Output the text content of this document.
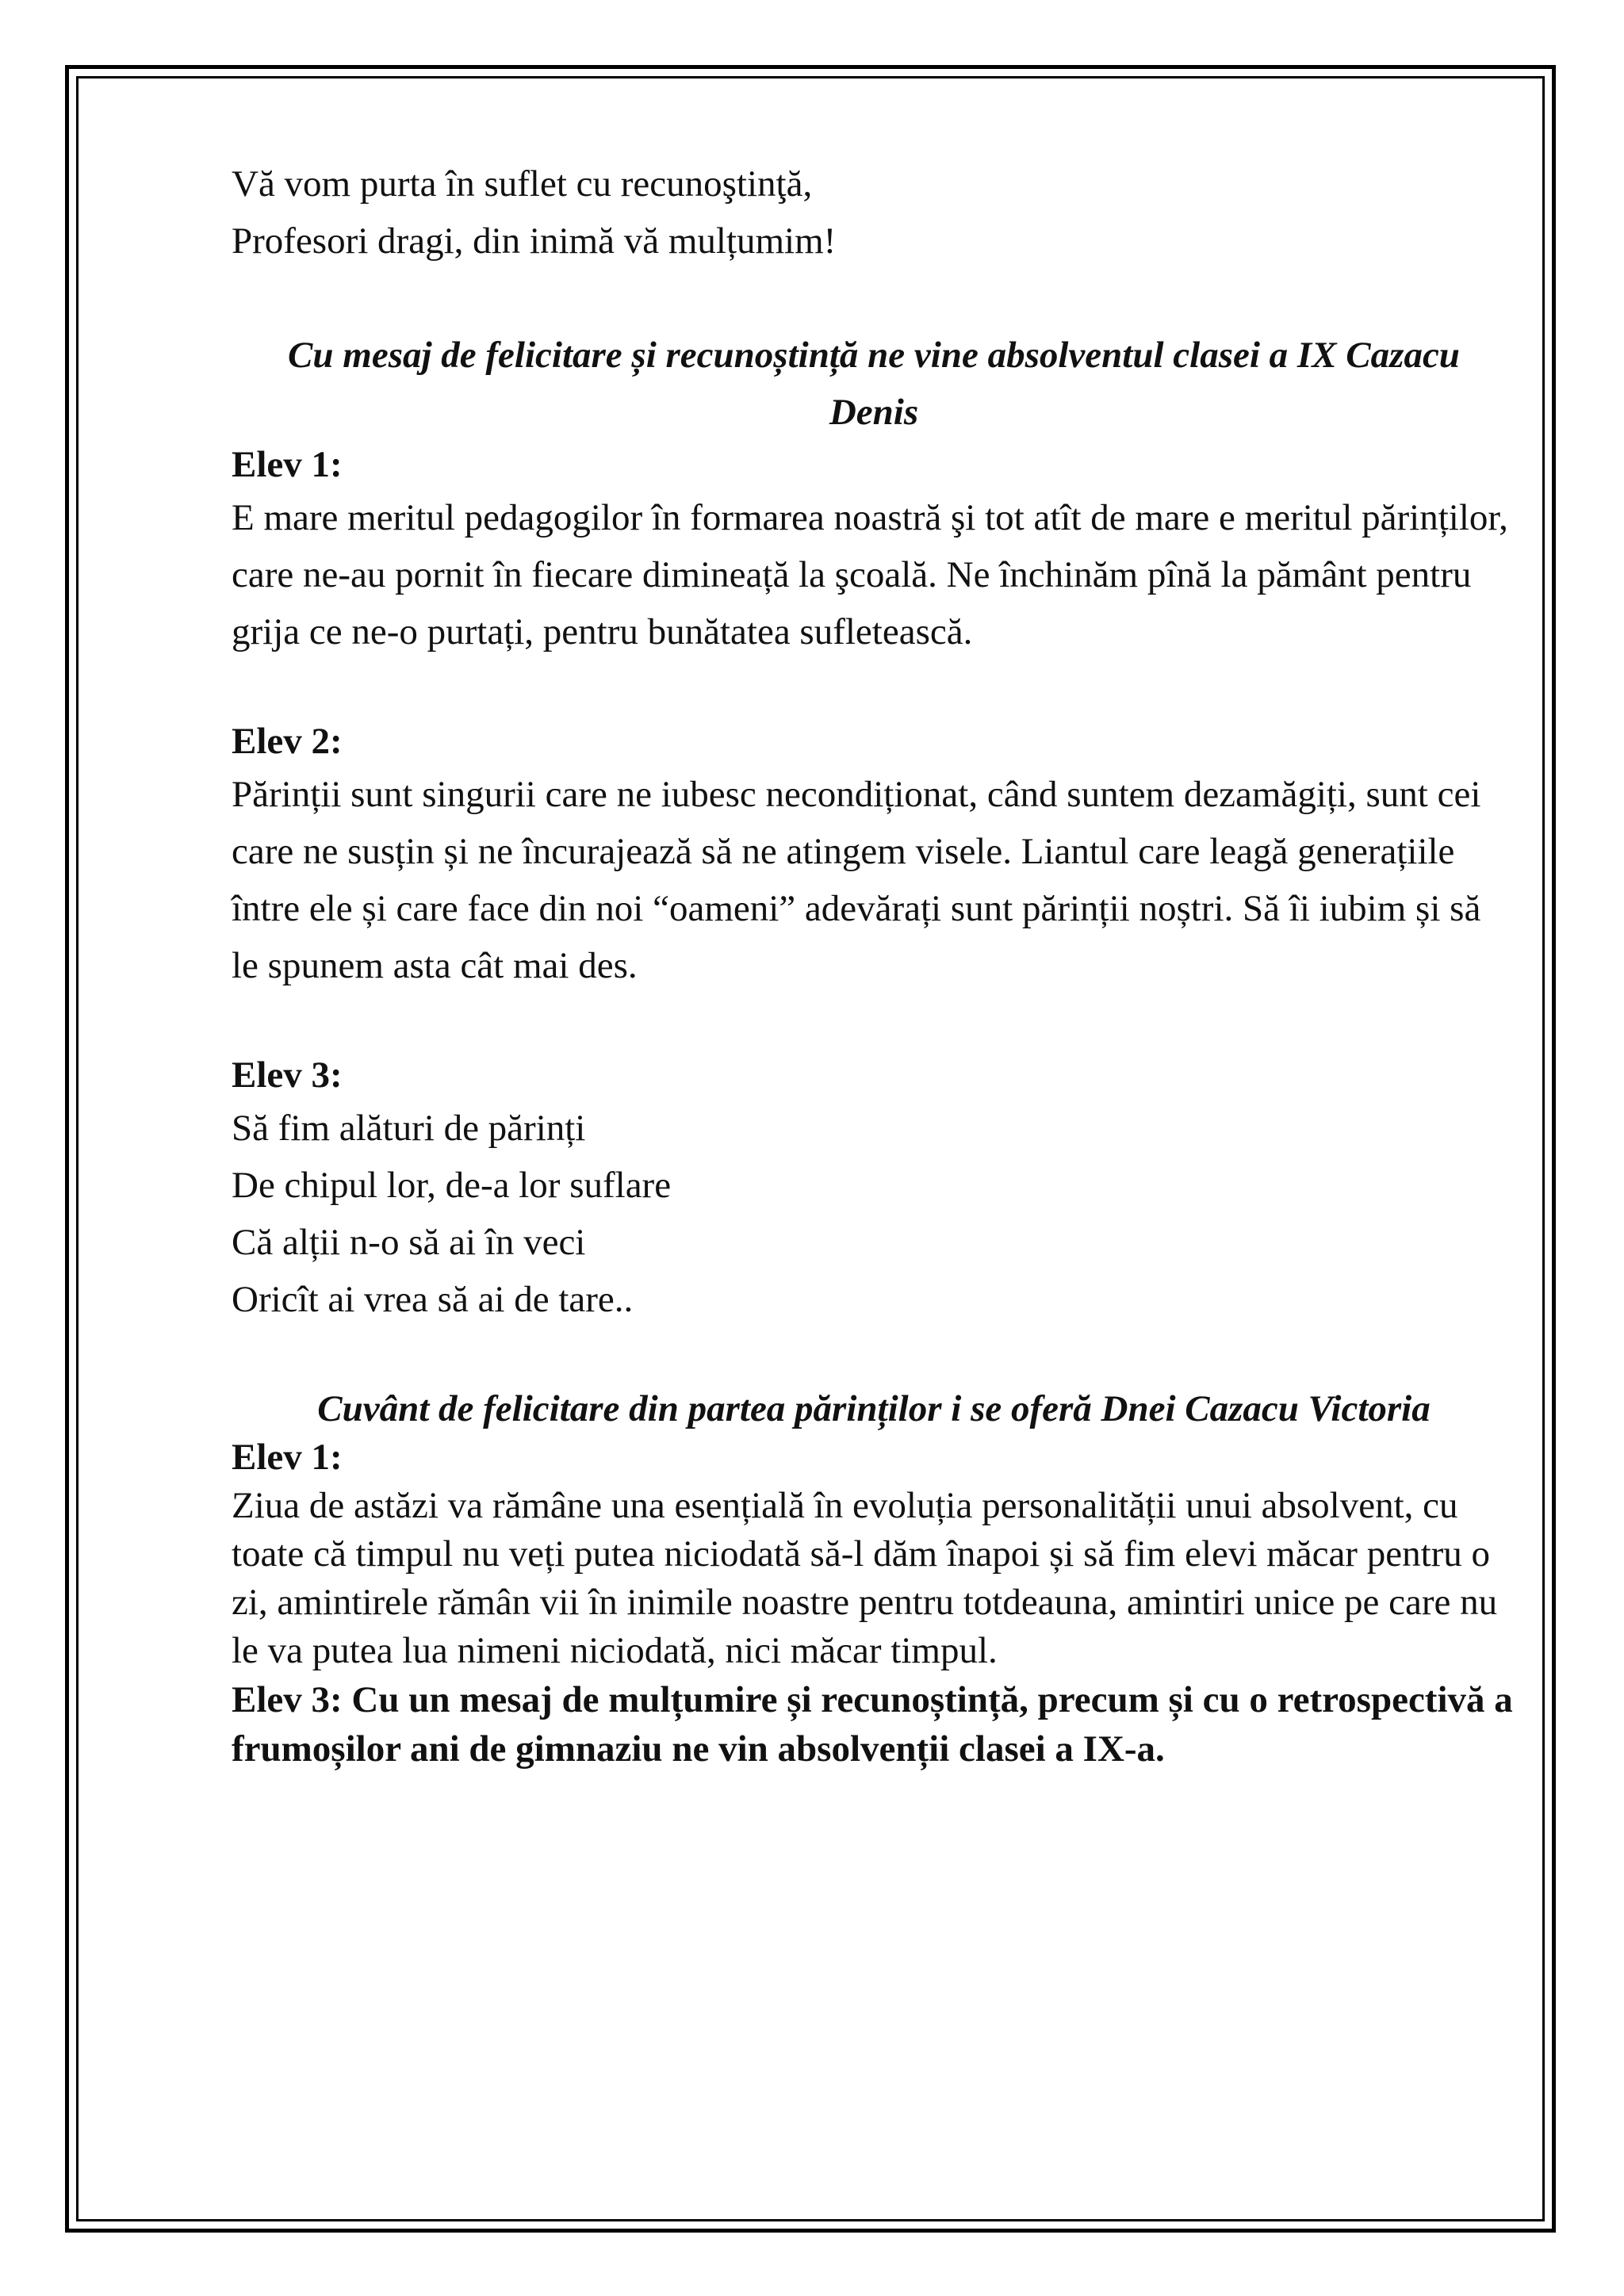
Vă vom purta în suflet cu recunoştinţă,
Profesori dragi, din inimă vă mulțumim!
Cu mesaj de felicitare și recunoștință ne vine absolventul clasei a IX Cazacu Denis
Elev 1:
E mare meritul pedagogilor în formarea noastră şi tot atît de mare e meritul părinților, care ne-au pornit în fiecare dimineață la şcoală. Ne închinăm pînă la pământ pentru grija ce ne-o purtați, pentru bunătatea sufletească.
Elev 2:
Părinții sunt singurii care ne iubesc necondiționat, când suntem dezamăgiți, sunt cei care ne susțin și ne încurajează să ne atingem visele. Liantul care leagă generațiile între ele și care face din noi “oameni” adevărați sunt părinții noștri. Să îi iubim și să le spunem asta cât mai des.
Elev 3:
Să fim alături de părinți
De chipul lor, de-a lor suflare
Că alții n-o să ai în veci
Oricît ai vrea să ai de tare..
Cuvânt de felicitare din partea părinților i se oferă Dnei Cazacu Victoria
Elev 1:
Ziua de astăzi va rămâne una esențială în evoluția personalității unui absolvent, cu toate că timpul nu veți putea niciodată să-l dăm înapoi și să fim elevi măcar pentru o zi, amintirele rămân vii în inimile noastre pentru totdeauna, amintiri unice pe care nu le va putea lua nimeni niciodată, nici măcar timpul.
Elev 3: Cu un mesaj de mulțumire și recunoștință, precum și cu o retrospectivă a frumoșilor ani de gimnaziu ne vin absolvenții clasei a IX-a.
